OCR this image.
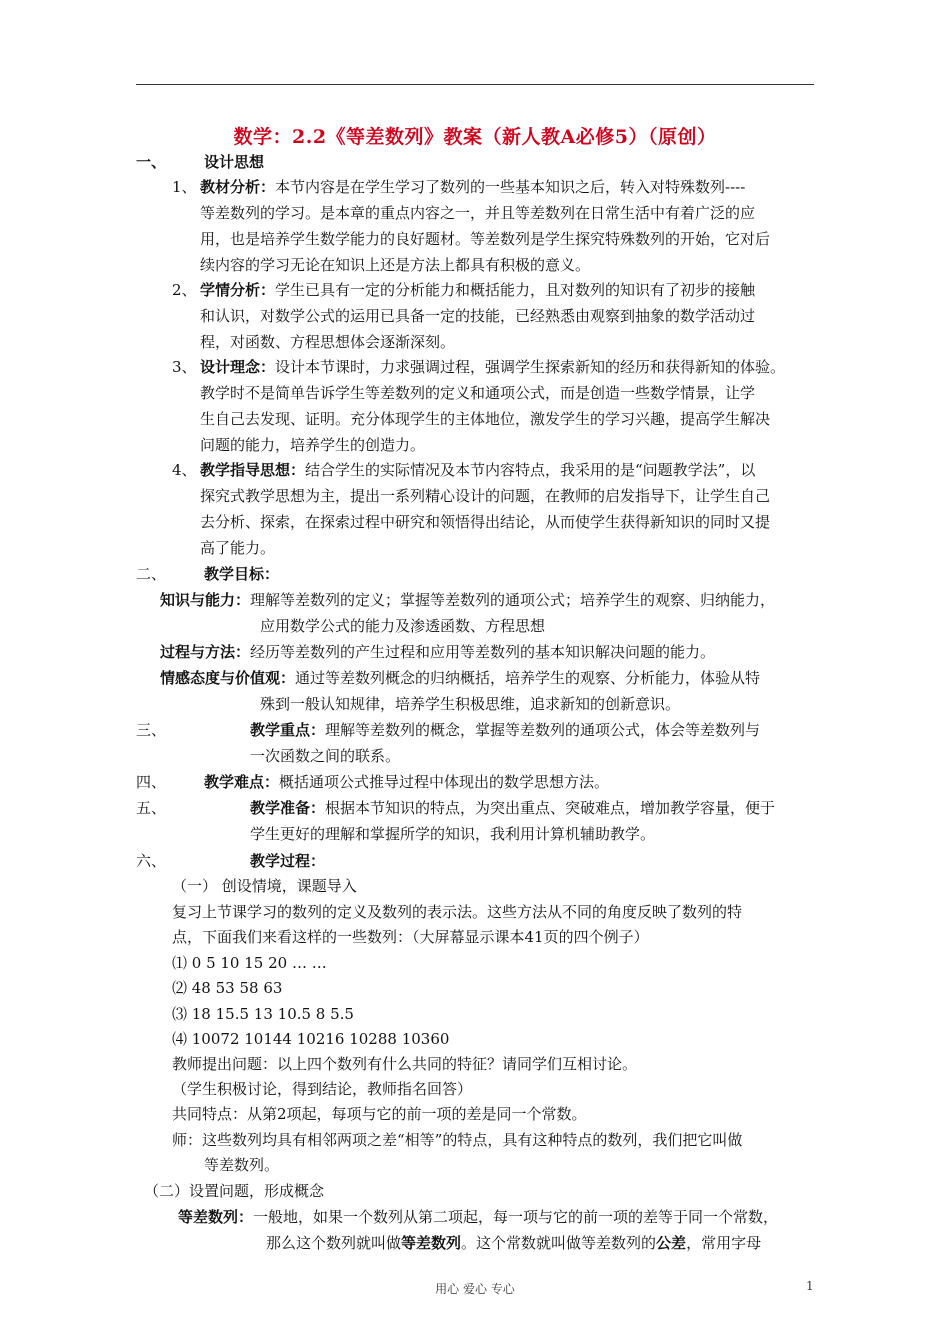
数学：2.2《等差数列》教案（新人教A必修5）（原创）
一、	设计思想
1、 教材分析：本节内容是在学生学习了数列的一些基本知识之后，转入对特殊数列----
等差数列的学习。是本章的重点内容之一，并且等差数列在日常生活中有着广泛的应
用，也是培养学生数学能力的良好题材。等差数列是学生探究特殊数列的开始，它对后
续内容的学习无论在知识上还是方法上都具有积极的意义。
2、 学情分析：学生已具有一定的分析能力和概括能力，且对数列的知识有了初步的接触
和认识，对数学公式的运用已具备一定的技能，已经熟悉由观察到抽象的数学活动过
程，对函数、方程思想体会逐渐深刻。
3、 设计理念：设计本节课时，力求强调过程，强调学生探索新知的经历和获得新知的体验。
教学时不是简单告诉学生等差数列的定义和通项公式，而是创造一些数学情景，让学
生自己去发现、证明。充分体现学生的主体地位，激发学生的学习兴趣，提高学生解决
问题的能力，培养学生的创造力。
4、 教学指导思想：结合学生的实际情况及本节内容特点，我采用的是“问题教学法”，以
探究式教学思想为主，提出一系列精心设计的问题，在教师的启发指导下，让学生自己
去分析、探索，在探索过程中研究和领悟得出结论，从而使学生获得新知识的同时又提
高了能力。
二、	教学目标：
知识与能力：理解等差数列的定义；掌握等差数列的通项公式；培养学生的观察、归纳能力，
应用数学公式的能力及渗透函数、方程思想
过程与方法：经历等差数列的产生过程和应用等差数列的基本知识解决问题的能力。
情感态度与价值观：通过等差数列概念的归纳概括，培养学生的观察、分析能力，体验从特
殊到一般认知规律，培养学生积极思维，追求新知的创新意识。
三、	教学重点：理解等差数列的概念，掌握等差数列的通项公式，体会等差数列与
一次函数之间的联系。
四、	教学难点：概括通项公式推导过程中体现出的数学思想方法。
五、	教学准备：根据本节知识的特点，为突出重点、突破难点，增加教学容量，便于
学生更好的理解和掌握所学的知识，我利用计算机辅助教学。
六、	教学过程：
（一） 创设情境，课题导入
复习上节课学习的数列的定义及数列的表示法。这些方法从不同的角度反映了数列的特
点，下面我们来看这样的一些数列：（大屏幕显示课本41页的四个例子）
⑴ 0 5 10 15 20 … …
⑵ 48 53 58 63
⑶ 18 15.5 13 10.5 8 5.5
⑷ 10072 10144 10216 10288 10360
教师提出问题：以上四个数列有什么共同的特征？请同学们互相讨论。
（学生积极讨论，得到结论，教师指名回答）
共同特点：从第2项起，每项与它的前一项的差是同一个常数。
师：这些数列均具有相邻两项之差“相等”的特点，具有这种特点的数列，我们把它叫做
等差数列。
（二）设置问题，形成概念
等差数列：一般地，如果一个数列从第二项起，每一项与它的前一项的差等于同一个常数，
那么这个数列就叫做等差数列。这个常数就叫做等差数列的公差，常用字母
用心 爱心 专心	1
